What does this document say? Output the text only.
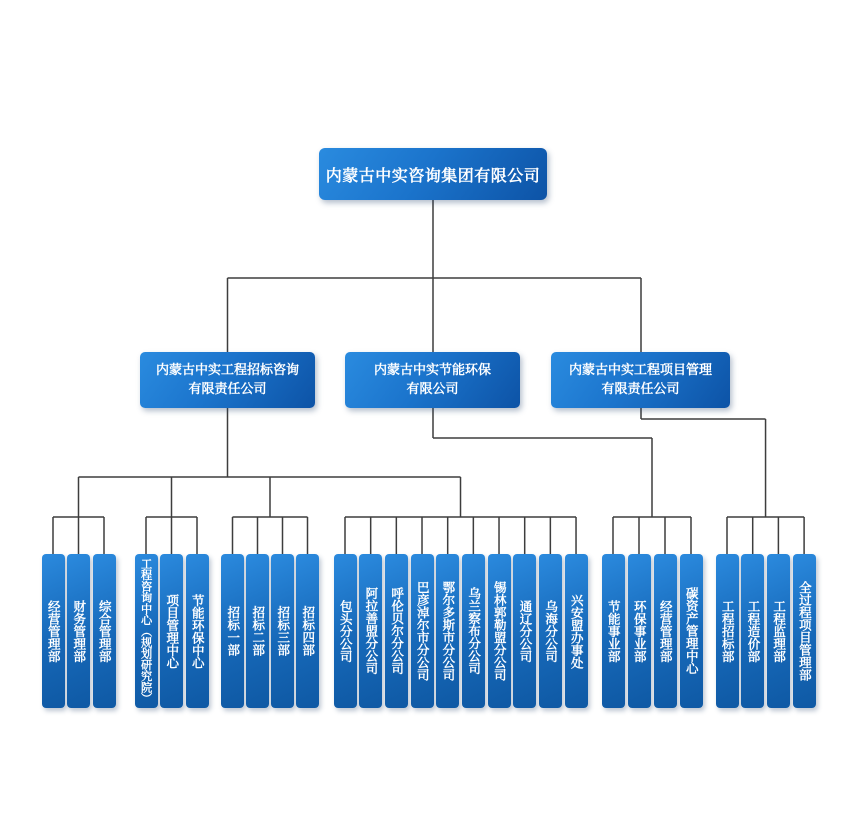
内蒙古中实咨询集团有限公司
内蒙古中实工程招标咨询
有限责任公司
内蒙古中实节能环保
有限公司
内蒙古中实工程项目管理
有限责任公司
经营管理部 财务管理部 综合管理部 工程咨询中心（规划研究院） 项目管理中心 节能环保中心 招标一部 招标二部 招标三部 招标四部 包头分公司 阿拉善盟分公司 呼伦贝尔分公司 巴彦淖尔市分公司 鄂尔多斯市分公司 乌兰察布分公司 锡林郭勒盟分公司 通辽分公司 乌海分公司 兴安盟办事处 节能事业部 环保事业部 经营管理部 碳资产管理中心 工程招标部 工程造价部 工程监理部 全过程项目管理部
